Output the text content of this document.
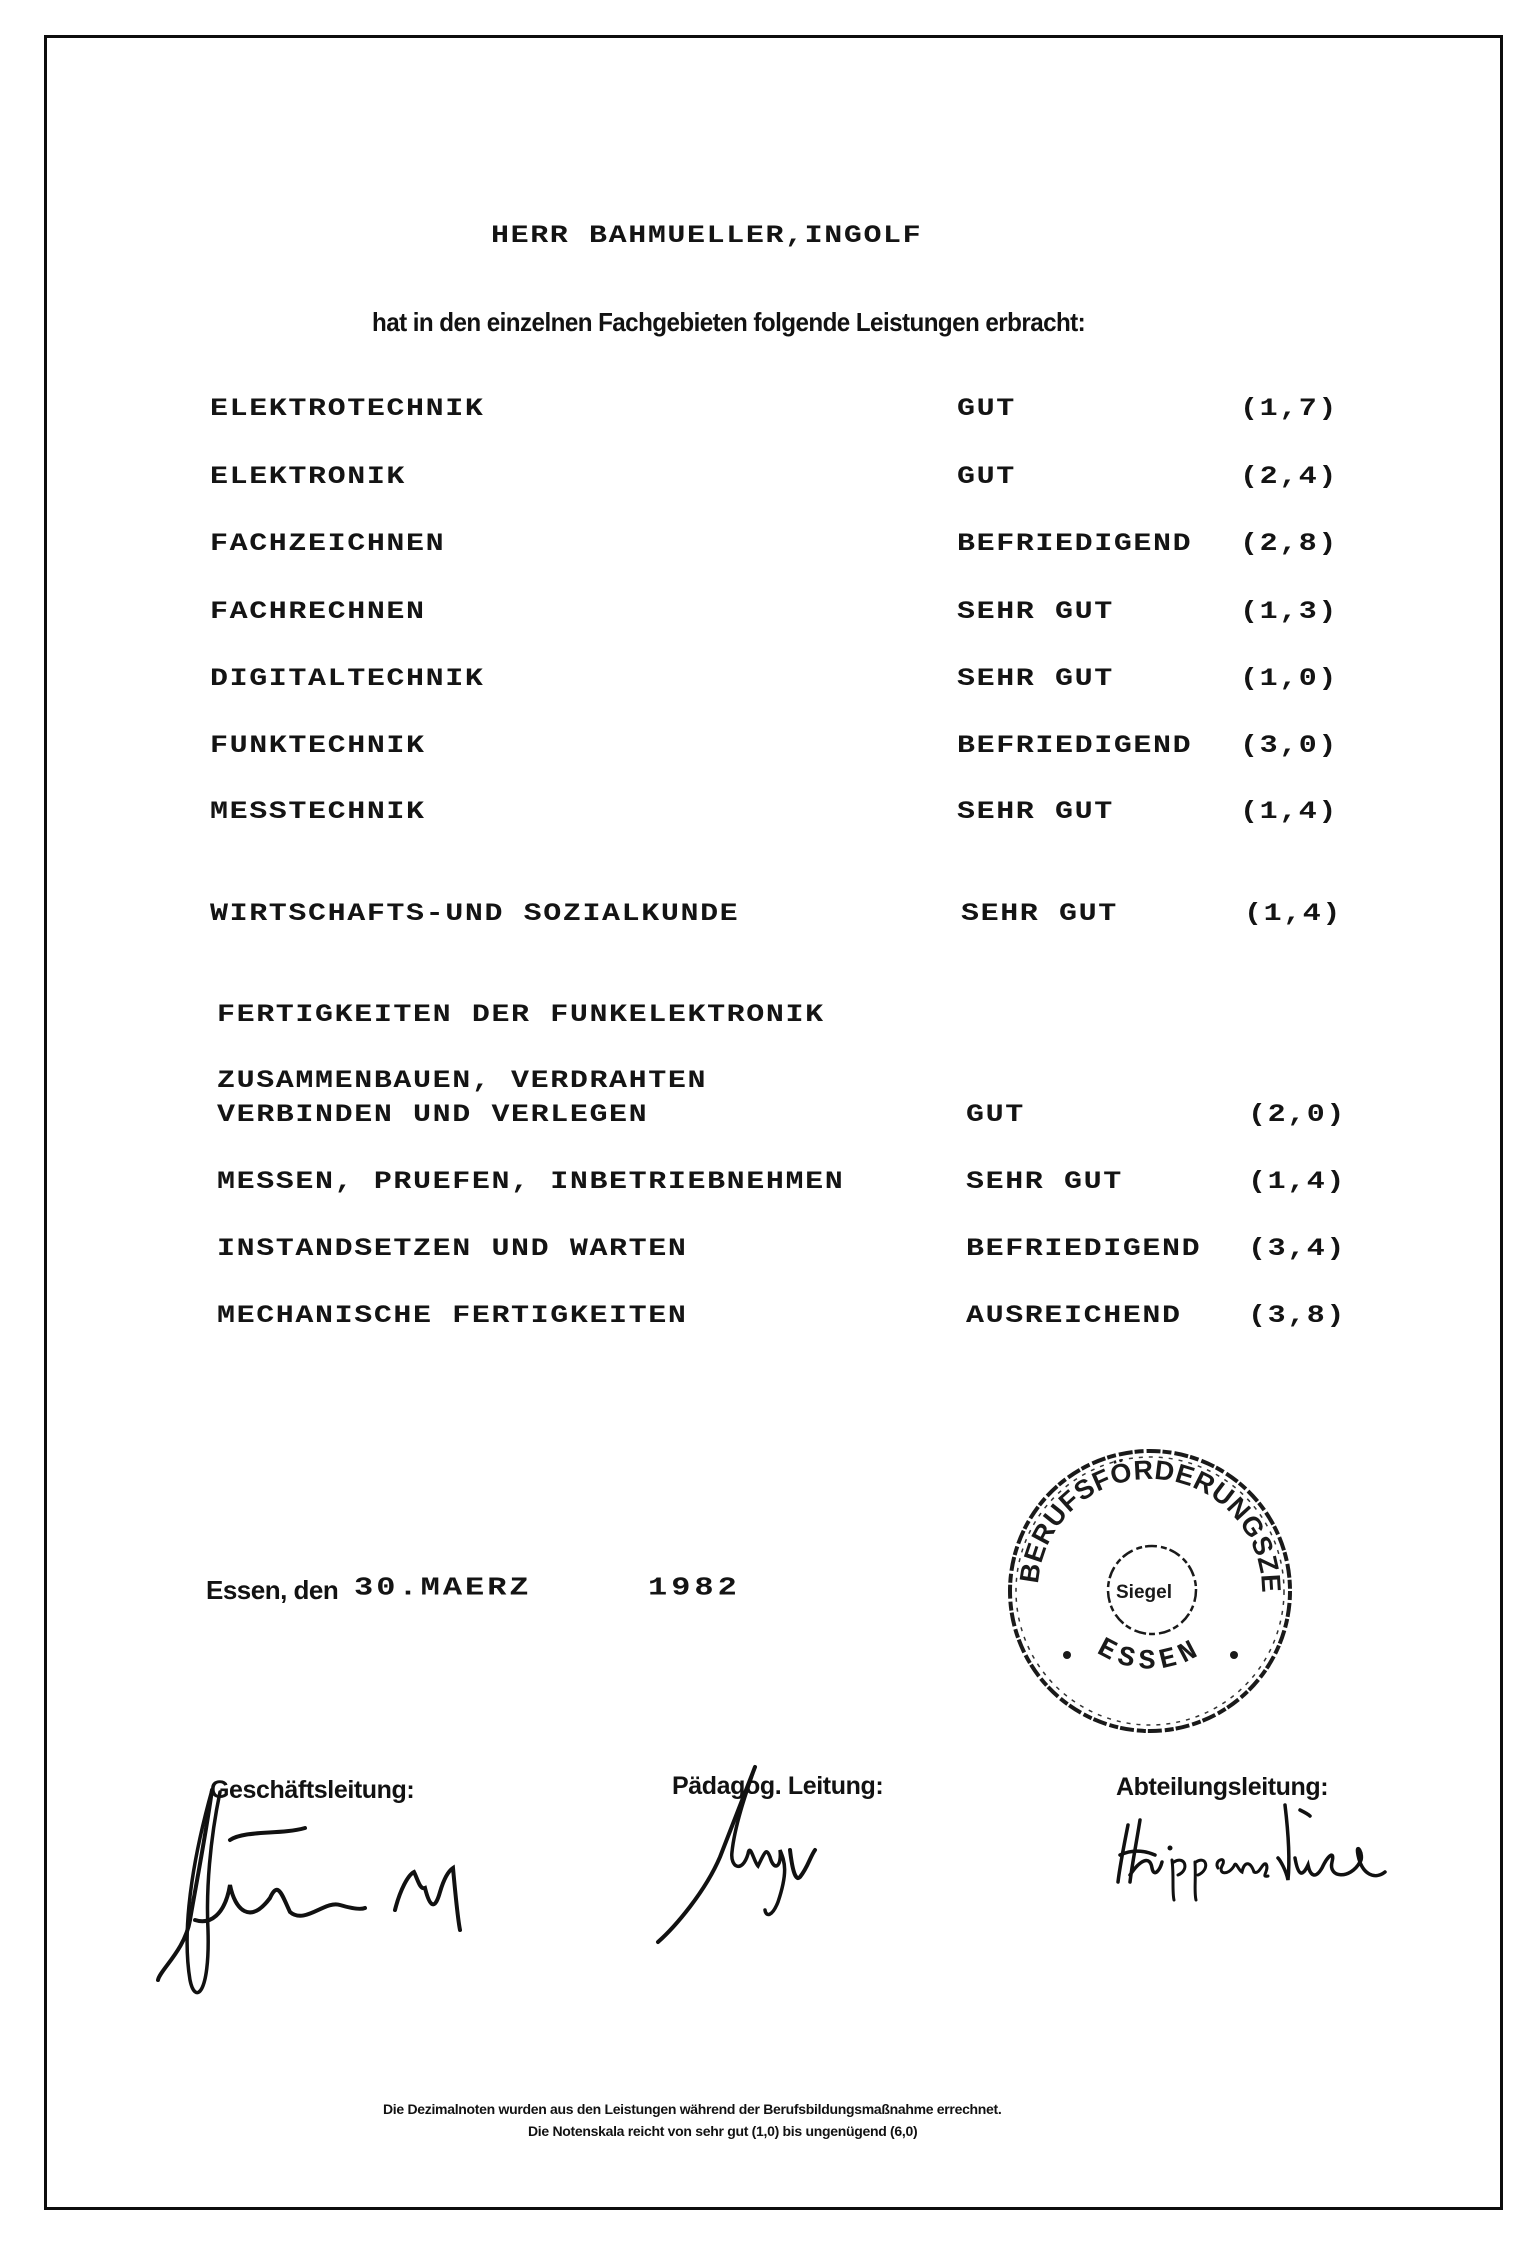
HERR BAHMUELLER,INGOLF
hat in den einzelnen Fachgebieten folgende Leistungen erbracht:
ELEKTROTECHNIK	GUT	(1,7)
ELEKTRONIK	GUT	(2,4)
FACHZEICHNEN	BEFRIEDIGEND (2,8)
FACHRECHNEN	SEHR GUT	(1,3)
DIGITALTECHNIK	SEHR GUT	(1,0)
FUNKTECHNIK	BEFRIEDIGEND (3,0)
MESSTECHNIK	SEHR GUT	(1,4)
WIRTSCHAFTS-UND SOZIALKUNDE	SEHR GUT	(1,4)
FERTIGKEITEN DER FUNKELEKTRONIK
ZUSAMMENBAUEN, VERDRAHTEN
VERBINDEN UND VERLEGEN	GUT	(2,0)
MESSEN, PRUEFEN, INBETRIEBNEHMEN	SEHR GUT	(1,4)
INSTANDSETZEN UND WARTEN	BEFRIEDIGEND (3,4)
MECHANISCHE FERTIGKEITEN	AUSREICHEND (3,8)
Essen, den 30.MAERZ	1982	BERUFSFÖRDERUNGSZENTRUM ESSEN E.V.
ESSEN
Siegel
Geschäftsleitung:	Pädagog. Leitung:	Abteilungsleitung:
Die Dezimalnoten wurden aus den Leistungen während der Berufsbildungsmaßnahme errechnet.
Die Notenskala reicht von sehr gut (1,0) bis ungenügend (6,0)
